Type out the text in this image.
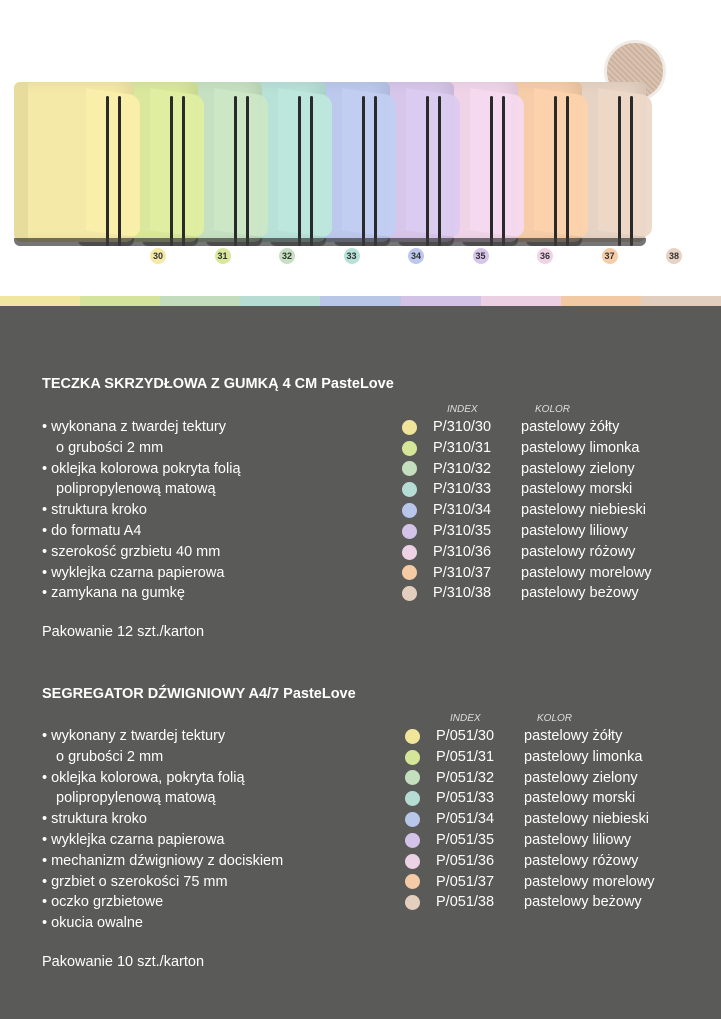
30	31	32	33	34	35	36	37	38
TECZKA SKRZYDŁOWA Z GUMKĄ 4 CM PasteLove
INDEX	KOLOR
• wykonana z twardej tektury
o grubości 2 mm
• oklejka kolorowa pokryta folią
polipropylenową matową
• struktura kroko
• do formatu A4
• szerokość grzbietu 40 mm
• wyklejka czarna papierowa
• zamykana na gumkę
P/310/30	pastelowy żółty
P/310/31	pastelowy limonka
P/310/32	pastelowy zielony
P/310/33	pastelowy morski
P/310/34	pastelowy niebieski
P/310/35	pastelowy liliowy
P/310/36	pastelowy różowy
P/310/37	pastelowy morelowy
P/310/38	pastelowy beżowy
Pakowanie 12 szt./karton
SEGREGATOR DŹWIGNIOWY A4/7 PasteLove
INDEX	KOLOR
• wykonany z twardej tektury
o grubości 2 mm
• oklejka kolorowa, pokryta folią
polipropylenową matową
• struktura kroko
• wyklejka czarna papierowa
• mechanizm dźwigniowy z dociskiem
• grzbiet o szerokości 75 mm
• oczko grzbietowe
• okucia owalne
P/051/30	pastelowy żółty
P/051/31	pastelowy limonka
P/051/32	pastelowy zielony
P/051/33	pastelowy morski
P/051/34	pastelowy niebieski
P/051/35	pastelowy liliowy
P/051/36	pastelowy różowy
P/051/37	pastelowy morelowy
P/051/38	pastelowy beżowy
Pakowanie 10 szt./karton
